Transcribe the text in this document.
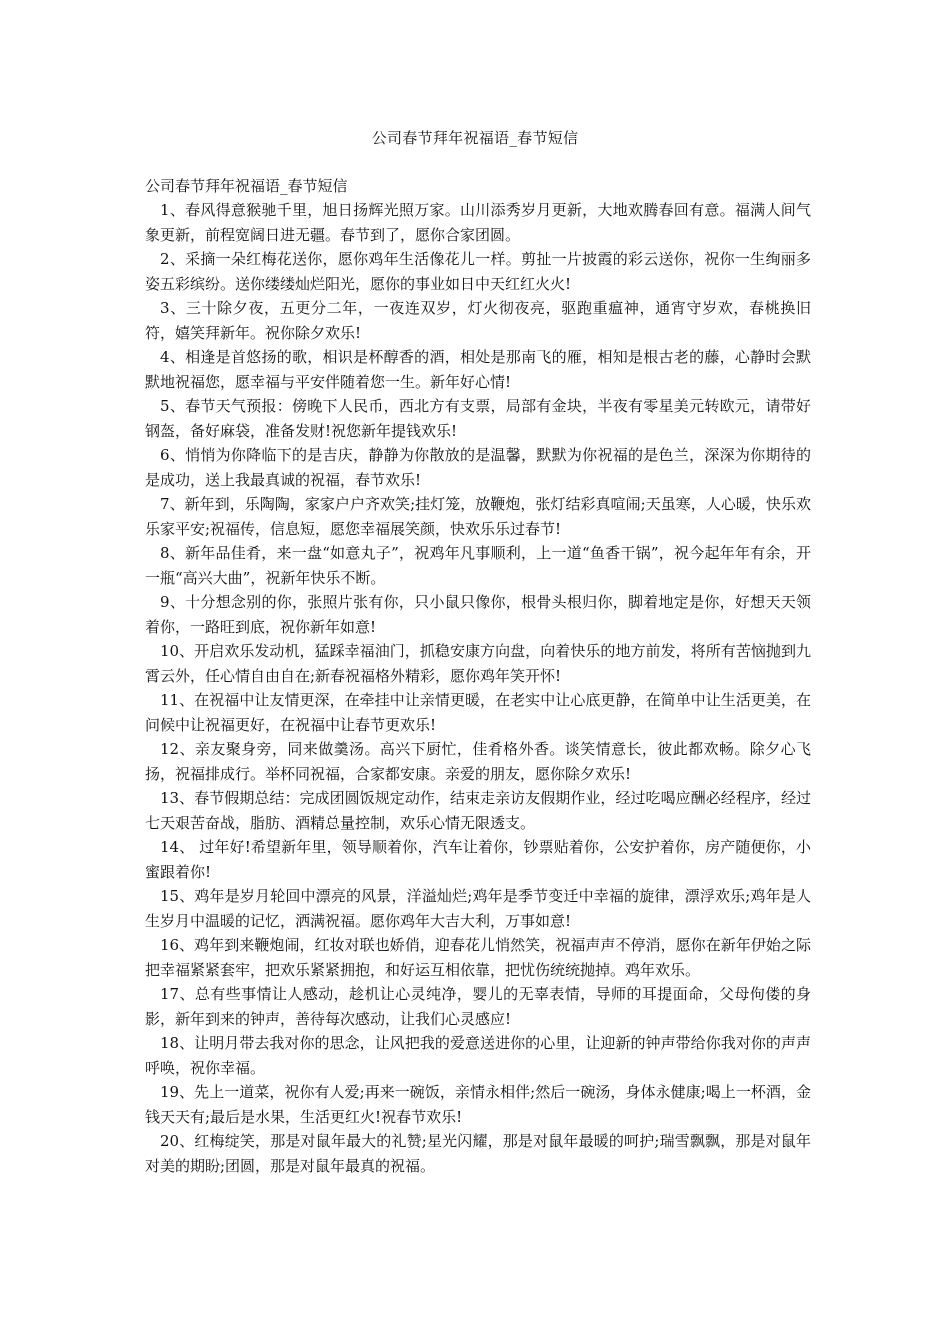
公司春节拜年祝福语_春节短信
公司春节拜年祝福语_春节短信

1、春风得意猴驰千里，旭日扬辉光照万家。山川添秀岁月更新，大地欢腾春回有意。福满人间气象更新，前程宽阔日进无疆。春节到了，愿你合家团圆。

2、采摘一朵红梅花送你，愿你鸡年生活像花儿一样。剪扯一片披霞的彩云送你，祝你一生绚丽多姿五彩缤纷。送你缕缕灿烂阳光，愿你的事业如日中天红红火火!

3、三十除夕夜，五更分二年，一夜连双岁，灯火彻夜亮，驱跑重瘟神，通宵守岁欢，春桃换旧符，嬉笑拜新年。祝你除夕欢乐!

4、相逢是首悠扬的歌，相识是杯醇香的酒，相处是那南飞的雁，相知是根古老的藤，心静时会默默地祝福您，愿幸福与平安伴随着您一生。新年好心情!

5、春节天气预报：傍晚下人民币，西北方有支票，局部有金块，半夜有零星美元转欧元，请带好钢盔，备好麻袋，准备发财!祝您新年提钱欢乐!

6、悄悄为你降临下的是吉庆，静静为你散放的是温馨，默默为你祝福的是色兰，深深为你期待的是成功，送上我最真诚的祝福，春节欢乐!

7、新年到，乐陶陶，家家户户齐欢笑;挂灯笼，放鞭炮，张灯结彩真喧闹;天虽寒，人心暖，快乐欢乐家平安;祝福传，信息短，愿您幸福展笑颜，快欢乐乐过春节!

8、新年品佳肴，来一盘“如意丸子”，祝鸡年凡事顺利，上一道“鱼香干锅”，祝今起年年有余，开一瓶“高兴大曲”，祝新年快乐不断。

9、十分想念别的你，张照片张有你，只小鼠只像你，根骨头根归你，脚着地定是你，好想天天领着你，一路旺到底，祝你新年如意!

10、开启欢乐发动机，猛踩幸福油门，抓稳安康方向盘，向着快乐的地方前发，将所有苦恼抛到九霄云外，任心情自由自在;新春祝福格外精彩，愿你鸡年笑开怀!

11、在祝福中让友情更深，在牵挂中让亲情更暖，在老实中让心底更静，在简单中让生活更美，在问候中让祝福更好，在祝福中让春节更欢乐!

12、亲友聚身旁，同来做羹汤。高兴下厨忙，佳肴格外香。谈笑情意长，彼此都欢畅。除夕心飞扬，祝福排成行。举杯同祝福，合家都安康。亲爱的朋友，愿你除夕欢乐!

13、春节假期总结：完成团圆饭规定动作，结束走亲访友假期作业，经过吃喝应酬必经程序，经过七天艰苦奋战，脂肪、酒精总量控制，欢乐心情无限透支。

14、 过年好!希望新年里，领导顺着你，汽车让着你，钞票贴着你，公安护着你，房产随便你，小蜜跟着你!

15、鸡年是岁月轮回中漂亮的风景，洋溢灿烂;鸡年是季节变迁中幸福的旋律，漂浮欢乐;鸡年是人生岁月中温暖的记忆，洒满祝福。愿你鸡年大吉大利，万事如意!

16、鸡年到来鞭炮闹，红妆对联也娇俏，迎春花儿悄然笑，祝福声声不停消，愿你在新年伊始之际把幸福紧紧套牢，把欢乐紧紧拥抱，和好运互相依靠，把忧伤统统抛掉。鸡年欢乐。

17、总有些事情让人感动，趁机让心灵纯净，婴儿的无辜表情，导师的耳提面命，父母佝偻的身影，新年到来的钟声，善待每次感动，让我们心灵感应!

18、让明月带去我对你的思念，让风把我的爱意送进你的心里，让迎新的钟声带给你我对你的声声呼唤，祝你幸福。

19、先上一道菜，祝你有人爱;再来一碗饭，亲情永相伴;然后一碗汤，身体永健康;喝上一杯酒，金钱天天有;最后是水果，生活更红火!祝春节欢乐!

20、红梅绽笑，那是对鼠年最大的礼赞;星光闪耀，那是对鼠年最暖的呵护;瑞雪飘飘，那是对鼠年对美的期盼;团圆，那是对鼠年最真的祝福。
